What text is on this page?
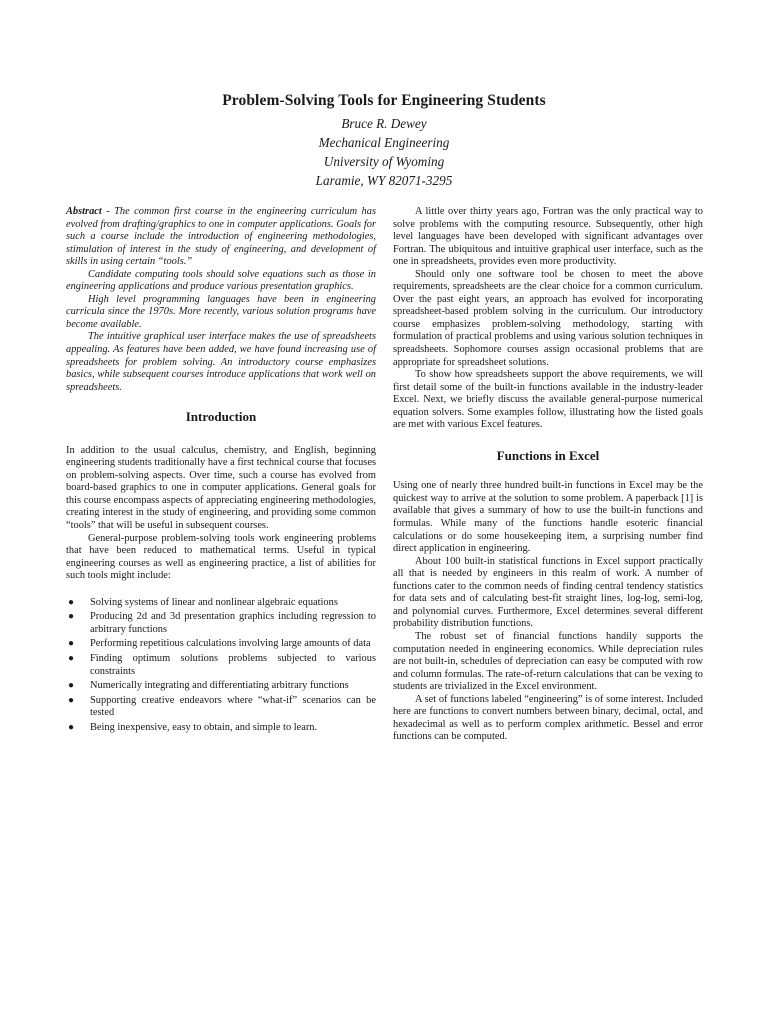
Problem-Solving Tools for Engineering Students
Bruce R. Dewey
Mechanical Engineering
University of Wyoming
Laramie, WY 82071-3295

Abstract - The common first course in the engineering curriculum has evolved from drafting/graphics to one in computer applications. Goals for such a course include the introduction of engineering methodologies, stimulation of interest in the study of engineering, and development of skills in using certain “tools.”

Candidate computing tools should solve equations such as those in engineering applications and produce various presentation graphics.

High level programming languages have been in engineering curricula since the 1970s. More recently, various solution programs have become available.

The intuitive graphical user interface makes the use of spreadsheets appealing. As features have been added, we have found increasing use of spreadsheets for problem solving. An introductory course emphasizes basics, while subsequent courses introduce applications that work well on spreadsheets.

Introduction

In addition to the usual calculus, chemistry, and English, beginning engineering students traditionally have a first technical course that focuses on problem-solving aspects. Over time, such a course has evolved from board-based graphics to one in computer applications. General goals for this course encompass aspects of appreciating engineering methodologies, creating interest in the study of engineering, and providing some common “tools” that will be useful in subsequent courses.

General-purpose problem-solving tools work engineering problems that have been reduced to mathematical terms. Useful in typical engineering courses as well as engineering practice, a list of abilities for such tools might include:

● Solving systems of linear and nonlinear algebraic equations
● Producing 2d and 3d presentation graphics including regression to arbitrary functions
● Performing repetitious calculations involving large amounts of data
● Finding optimum solutions problems subjected to various constraints
● Numerically integrating and differentiating arbitrary functions
● Supporting creative endeavors where “what-if” scenarios can be tested
● Being inexpensive, easy to obtain, and simple to learn.

A little over thirty years ago, Fortran was the only practical way to solve problems with the computing resource. Subsequently, other high level languages have been developed with significant advantages over Fortran. The ubiquitous and intuitive graphical user interface, such as the one in spreadsheets, provides even more productivity.

Should only one software tool be chosen to meet the above requirements, spreadsheets are the clear choice for a common curriculum. Over the past eight years, an approach has evolved for incorporating spreadsheet-based problem solving in the curriculum. Our introductory course emphasizes problem-solving methodology, starting with formulation of practical problems and using various solution techniques in spreadsheets. Sophomore courses assign occasional problems that are appropriate for spreadsheet solutions.

To show how spreadsheets support the above requirements, we will first detail some of the built-in functions available in the industry-leader Excel. Next, we briefly discuss the available general-purpose numerical equation solvers. Some examples follow, illustrating how the listed goals are met with various Excel features.

Functions in Excel

Using one of nearly three hundred built-in functions in Excel may be the quickest way to arrive at the solution to some problem. A paperback [1] is available that gives a summary of how to use the built-in functions and formulas. While many of the functions handle esoteric financial calculations or do some housekeeping item, a surprising number find direct application in engineering.

About 100 built-in statistical functions in Excel support practically all that is needed by engineers in this realm of work. A number of functions cater to the common needs of finding central tendency statistics for data sets and of calculating best-fit straight lines, log-log, semi-log, and polynomial curves. Furthermore, Excel determines several different probability distribution functions.

The robust set of financial functions handily supports the computation needed in engineering economics. While depreciation rules are not built-in, schedules of depreciation can easy be computed with row and column formulas. The rate-of-return calculations that can be vexing to students are trivialized in the Excel environment.

A set of functions labeled “engineering” is of some interest. Included here are functions to convert numbers between binary, decimal, octal, and hexadecimal as well as to perform complex arithmetic. Bessel and error functions can be computed.
